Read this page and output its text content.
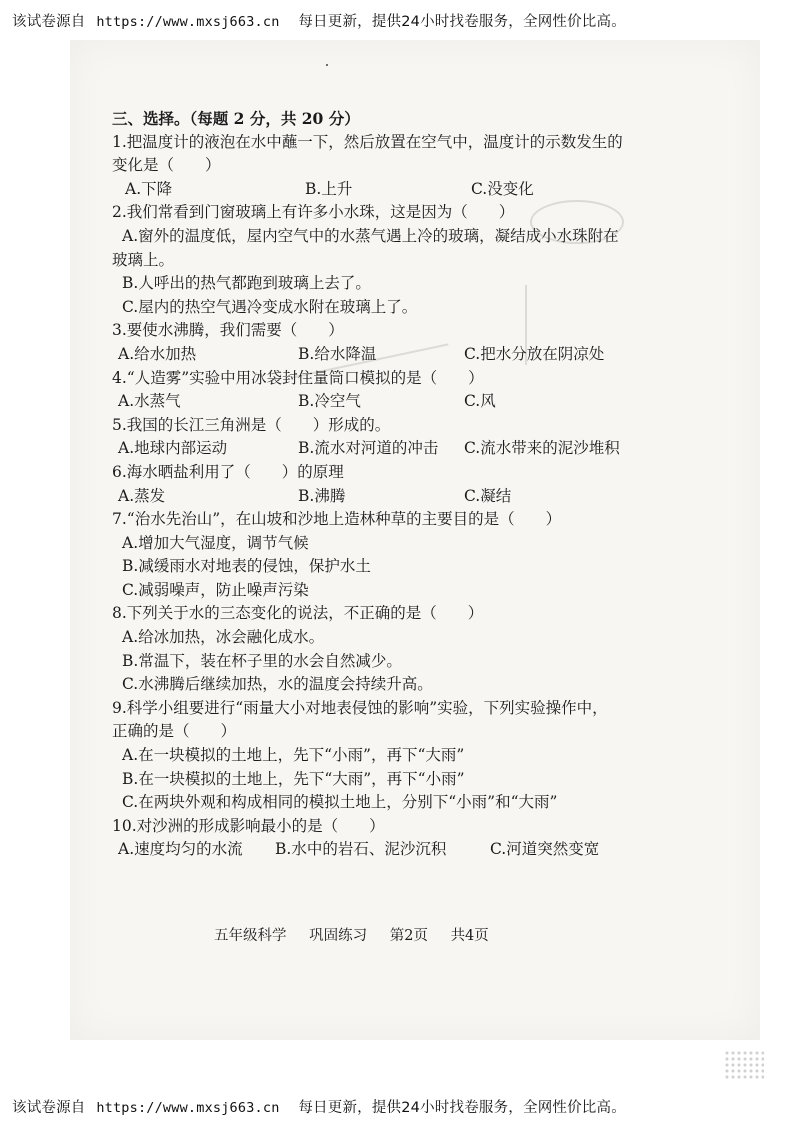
该试卷源自 https://www.mxsj663.cn 每日更新，提供24小时找卷服务，全网性价比高。
三、选择。（每题 2 分，共 20 分）
1.把温度计的液泡在水中蘸一下，然后放置在空气中，温度计的示数发生的
变化是（　　）
A.下降	B.上升	C.没变化
2.我们常看到门窗玻璃上有许多小水珠，这是因为（　　）
A.窗外的温度低，屋内空气中的水蒸气遇上冷的玻璃，凝结成小水珠附在
玻璃上。
B.人呼出的热气都跑到玻璃上去了。
C.屋内的热空气遇冷变成水附在玻璃上了。
3.要使水沸腾，我们需要（　　）
A.给水加热	B.给水降温	C.把水分放在阴凉处
4.“人造雾”实验中用冰袋封住量筒口模拟的是（　　）
A.水蒸气	B.冷空气	C.风
5.我国的长江三角洲是（　　）形成的。
A.地球内部运动	B.流水对河道的冲击 C.流水带来的泥沙堆积
6.海水晒盐利用了（　　）的原理
A.蒸发	B.沸腾	C.凝结
7.“治水先治山”，在山坡和沙地上造林种草的主要目的是（　　）
A.增加大气湿度，调节气候
B.减缓雨水对地表的侵蚀，保护水土
C.减弱噪声，防止噪声污染
8.下列关于水的三态变化的说法，不正确的是（　　）
A.给冰加热，冰会融化成水。
B.常温下，装在杯子里的水会自然减少。
C.水沸腾后继续加热，水的温度会持续升高。
9.科学小组要进行“雨量大小对地表侵蚀的影响”实验，下列实验操作中，
正确的是（　　）
A.在一块模拟的土地上，先下“小雨”，再下“大雨”
B.在一块模拟的土地上，先下“大雨”，再下“小雨”
C.在两块外观和构成相同的模拟土地上，分别下“小雨”和“大雨”
10.对沙洲的形成影响最小的是（　　）
A.速度均匀的水流 B.水中的岩石、泥沙沉积	C.河道突然变宽
五年级科学 巩固练习 第2页 共4页
该试卷源自 https://www.mxsj663.cn 每日更新，提供24小时找卷服务，全网性价比高。
